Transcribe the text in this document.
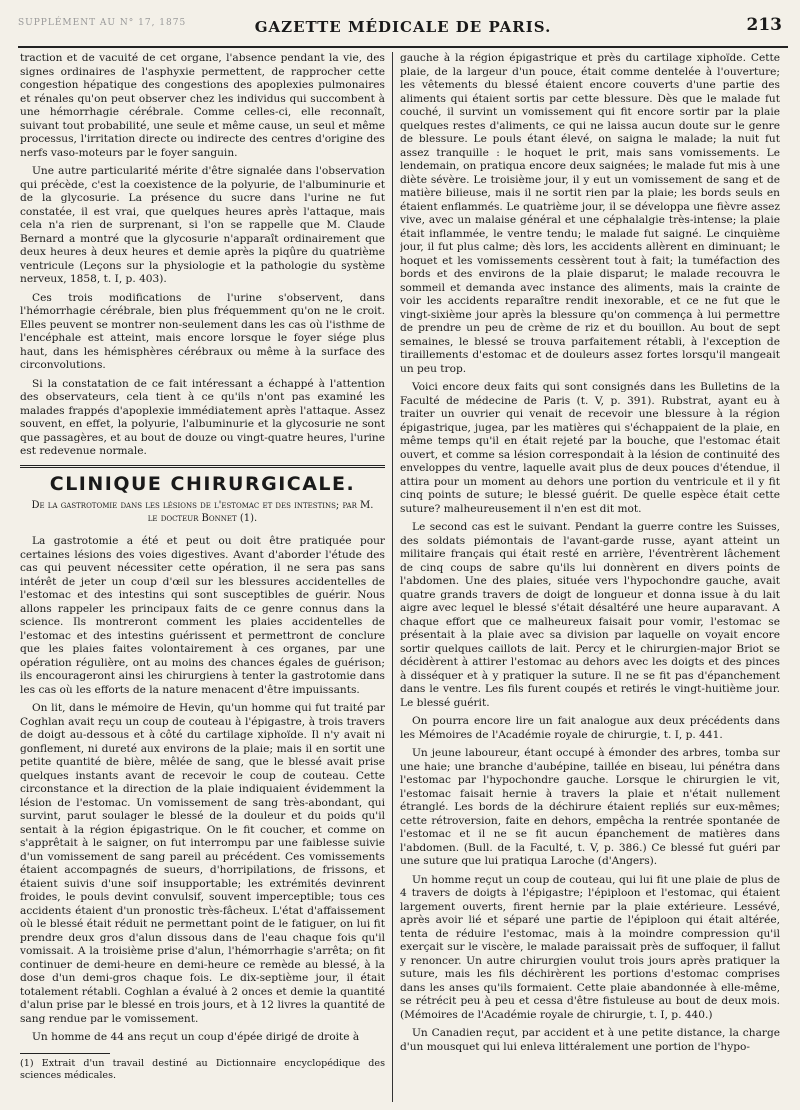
SUPPLÉMENT AU N° 17, 1875	GAZETTE MÉDICALE DE PARIS.	213

traction et de vacuité de cet organe, l'absence pendant la vie, des signes ordinaires de l'asphyxie permettent, de rapprocher cette congestion hépatique des congestions des apoplexies pulmonaires et rénales qu'on peut observer chez les individus qui succombent à une hémorrhagie cérébrale. Comme celles-ci, elle reconnaît, suivant tout probabilité, une seule et même cause, un seul et même processus, l'irritation directe ou indirecte des centres d'origine des nerfs vaso-moteurs par le foyer sanguin.

Une autre particularité mérite d'être signalée dans l'observation qui précède, c'est la coexistence de la polyurie, de l'albuminurie et de la glycosurie. La présence du sucre dans l'urine ne fut constatée, il est vrai, que quelques heures après l'attaque, mais cela n'a rien de surprenant, si l'on se rappelle que M. Claude Bernard a montré que la glycosurie n'apparaît ordinairement que deux heures à deux heures et demie après la piqûre du quatrième ventricule (Leçons sur la physiologie et la pathologie du système nerveux, 1858, t. I, p. 403).

Ces trois modifications de l'urine s'observent, dans l'hémorrhagie cérébrale, bien plus fréquemment qu'on ne le croit. Elles peuvent se montrer non-seulement dans les cas où l'isthme de l'encéphale est atteint, mais encore lorsque le foyer siége plus haut, dans les hémisphères cérébraux ou même à la surface des circonvolutions.

Si la constatation de ce fait intéressant a échappé à l'attention des observateurs, cela tient à ce qu'ils n'ont pas examiné les malades frappés d'apoplexie immédiatement après l'attaque. Assez souvent, en effet, la polyurie, l'albuminurie et la glycosurie ne sont que passagères, et au bout de douze ou vingt-quatre heures, l'urine est redevenue normale.

CLINIQUE CHIRURGICALE.
De la gastrotomie dans les lésions de l'estomac et des intestins; par M. le docteur Bonnet (1).

La gastrotomie a été et peut ou doit être pratiquée pour certaines lésions des voies digestives. Avant d'aborder l'étude des cas qui peuvent nécessiter cette opération, il ne sera pas sans intérêt de jeter un coup d'œil sur les blessures accidentelles de l'estomac et des intestins qui sont susceptibles de guérir. Nous allons rappeler les principaux faits de ce genre connus dans la science. Ils montreront comment les plaies accidentelles de l'estomac et des intestins guérissent et permettront de conclure que les plaies faites volontairement à ces organes, par une opération régulière, ont au moins des chances égales de guérison; ils encourageront ainsi les chirurgiens à tenter la gastrotomie dans les cas où les efforts de la nature menacent d'être impuissants.

On lit, dans le mémoire de Hevin, qu'un homme qui fut traité par Coghlan avait reçu un coup de couteau à l'épigastre, à trois travers de doigt au-dessous et à côté du cartilage xiphoïde. Il n'y avait ni gonflement, ni dureté aux environs de la plaie; mais il en sortit une petite quantité de bière, mêlée de sang, que le blessé avait prise quelques instants avant de recevoir le coup de couteau. Cette circonstance et la direction de la plaie indiquaient évidemment la lésion de l'estomac. Un vomissement de sang très-abondant, qui survint, parut soulager le blessé de la douleur et du poids qu'il sentait à la région épigastrique. On le fit coucher, et comme on s'apprêtait à le saigner, on fut interrompu par une faiblesse suivie d'un vomissement de sang pareil au précédent. Ces vomissements étaient accompagnés de sueurs, d'horripilations, de frissons, et étaient suivis d'une soif insupportable; les extrémités devinrent froides, le pouls devint convulsif, souvent imperceptible; tous ces accidents étaient d'un pronostic très-fâcheux. L'état d'affaissement où le blessé était réduit ne permettant point de le fatiguer, on lui fit prendre deux gros d'alun dissous dans de l'eau chaque fois qu'il vomissait. A la troisième prise d'alun, l'hémorrhagie s'arrêta; on fit continuer de demi-heure en demi-heure ce remède au blessé, à la dose d'un demi-gros chaque fois. Le dix-septième jour, il était totalement rétabli. Coghlan a évalué à 2 onces et demie la quantité d'alun prise par le blessé en trois jours, et à 12 livres la quantité de sang rendue par le vomissement.

Un homme de 44 ans reçut un coup d'épée dirigé de droite à

(1) Extrait d'un travail destiné au Dictionnaire encyclopédique des sciences médicales.

gauche à la région épigastrique et près du cartilage xiphoïde. Cette plaie, de la largeur d'un pouce, était comme dentelée à l'ouverture; les vêtements du blessé étaient encore couverts d'une partie des aliments qui étaient sortis par cette blessure. Dès que le malade fut couché, il survint un vomissement qui fit encore sortir par la plaie quelques restes d'aliments, ce qui ne laissa aucun doute sur le genre de blessure. Le pouls étant élevé, on saigna le malade; la nuit fut assez tranquille : le hoquet le prit, mais sans vomissements. Le lendemain, on pratiqua encore deux saignées; le malade fut mis à une diète sévère. Le troisième jour, il y eut un vomissement de sang et de matière bilieuse, mais il ne sortit rien par la plaie; les bords seuls en étaient enflammés. Le quatrième jour, il se développa une fièvre assez vive, avec un malaise général et une céphalalgie très-intense; la plaie était inflammée, le ventre tendu; le malade fut saigné. Le cinquième jour, il fut plus calme; dès lors, les accidents allèrent en diminuant; le hoquet et les vomissements cessèrent tout à fait; la tuméfaction des bords et des environs de la plaie disparut; le malade recouvra le sommeil et demanda avec instance des aliments, mais la crainte de voir les accidents reparaître rendit inexorable, et ce ne fut que le vingt-sixième jour après la blessure qu'on commença à lui permettre de prendre un peu de crème de riz et du bouillon. Au bout de sept semaines, le blessé se trouva parfaitement rétabli, à l'exception de tiraillements d'estomac et de douleurs assez fortes lorsqu'il mangeait un peu trop.

Voici encore deux faits qui sont consignés dans les Bulletins de la Faculté de médecine de Paris (t. V, p. 391). Rubstrat, ayant eu à traiter un ouvrier qui venait de recevoir une blessure à la région épigastrique, jugea, par les matières qui s'échappaient de la plaie, en même temps qu'il en était rejeté par la bouche, que l'estomac était ouvert, et comme sa lésion correspondait à la lésion de continuité des enveloppes du ventre, laquelle avait plus de deux pouces d'étendue, il attira pour un moment au dehors une portion du ventricule et il y fit cinq points de suture; le blessé guérit. De quelle espèce était cette suture? malheureusement il n'en est dit mot.

Le second cas est le suivant. Pendant la guerre contre les Suisses, des soldats piémontais de l'avant-garde russe, ayant atteint un militaire français qui était resté en arrière, l'éventrèrent lâchement de cinq coups de sabre qu'ils lui donnèrent en divers points de l'abdomen. Une des plaies, située vers l'hypochondre gauche, avait quatre grands travers de doigt de longueur et donna issue à du lait aigre avec lequel le blessé s'était désaltéré une heure auparavant. A chaque effort que ce malheureux faisait pour vomir, l'estomac se présentait à la plaie avec sa division par laquelle on voyait encore sortir quelques caillots de lait. Percy et le chirurgien-major Briot se décidèrent à attirer l'estomac au dehors avec les doigts et des pinces à disséquer et à y pratiquer la suture. Il ne se fit pas d'épanchement dans le ventre. Les fils furent coupés et retirés le vingt-huitième jour. Le blessé guérit.

On pourra encore lire un fait analogue aux deux précédents dans les Mémoires de l'Académie royale de chirurgie, t. I, p. 441.

Un jeune laboureur, étant occupé à émonder des arbres, tomba sur une haie; une branche d'aubépine, taillée en biseau, lui pénétra dans l'estomac par l'hypochondre gauche. Lorsque le chirurgien le vit, l'estomac faisait hernie à travers la plaie et n'était nullement étranglé. Les bords de la déchirure étaient repliés sur eux-mêmes; cette rétroversion, faite en dehors, empêcha la rentrée spontanée de l'estomac et il ne se fit aucun épanchement de matières dans l'abdomen. (Bull. de la Faculté, t. V, p. 386.) Ce blessé fut guéri par une suture que lui pratiqua Laroche (d'Angers).

Un homme reçut un coup de couteau, qui lui fit une plaie de plus de 4 travers de doigts à l'épigastre; l'épiploon et l'estomac, qui étaient largement ouverts, firent hernie par la plaie extérieure. Lessévé, après avoir lié et séparé une partie de l'épiploon qui était altérée, tenta de réduire l'estomac, mais à la moindre compression qu'il exerçait sur le viscère, le malade paraissait près de suffoquer, il fallut y renoncer. Un autre chirurgien voulut trois jours après pratiquer la suture, mais les fils déchirèrent les portions d'estomac comprises dans les anses qu'ils formaient. Cette plaie abandonnée à elle-même, se rétrécit peu à peu et cessa d'être fistuleuse au bout de deux mois. (Mémoires de l'Académie royale de chirurgie, t. I, p. 440.)

Un Canadien reçut, par accident et à une petite distance, la charge d'un mousquet qui lui enleva littéralement une portion de l'hypo-
